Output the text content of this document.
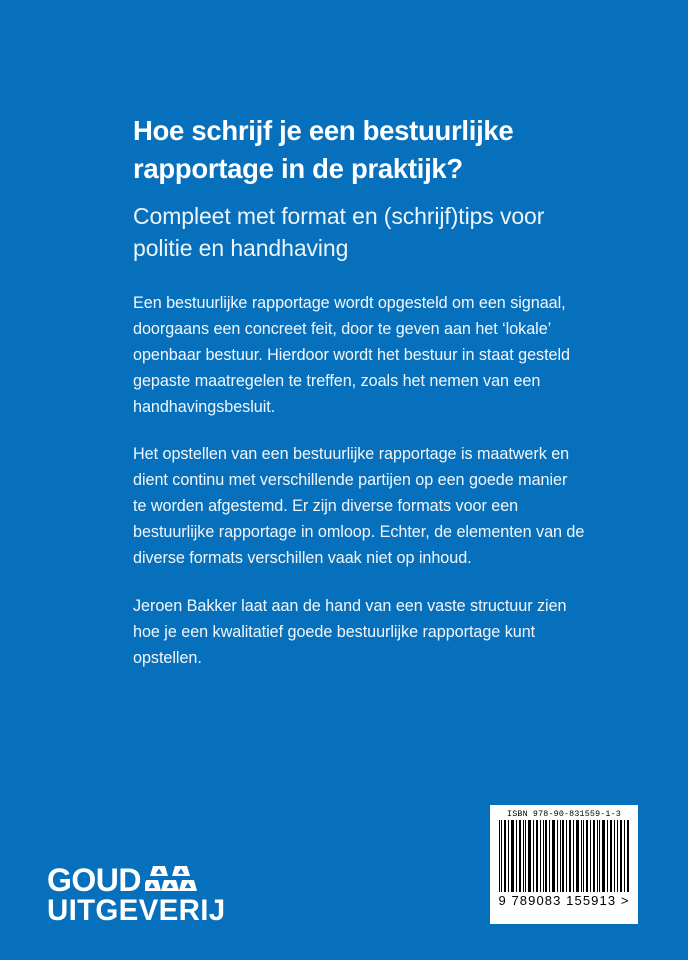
Hoe schrijf je een bestuurlijke rapportage in de praktijk?
Compleet met format en (schrijf)tips voor politie en handhaving

Een bestuurlijke rapportage wordt opgesteld om een signaal, doorgaans een concreet feit, door te geven aan het ‘lokale’ openbaar bestuur. Hierdoor wordt het bestuur in staat gesteld gepaste maatregelen te treffen, zoals het nemen van een handhavingsbesluit.

Het opstellen van een bestuurlijke rapportage is maatwerk en dient continu met verschillende partijen op een goede manier te worden afgestemd. Er zijn diverse formats voor een bestuurlijke rapportage in omloop. Echter, de elementen van de diverse formats verschillen vaak niet op inhoud.

Jeroen Bakker laat aan de hand van een vaste structuur zien hoe je een kwalitatief goede bestuurlijke rapportage kunt opstellen.

GOUD
UITGEVERIJ
ISBN 978-90-831559-1-3
9 789083 155913 >
